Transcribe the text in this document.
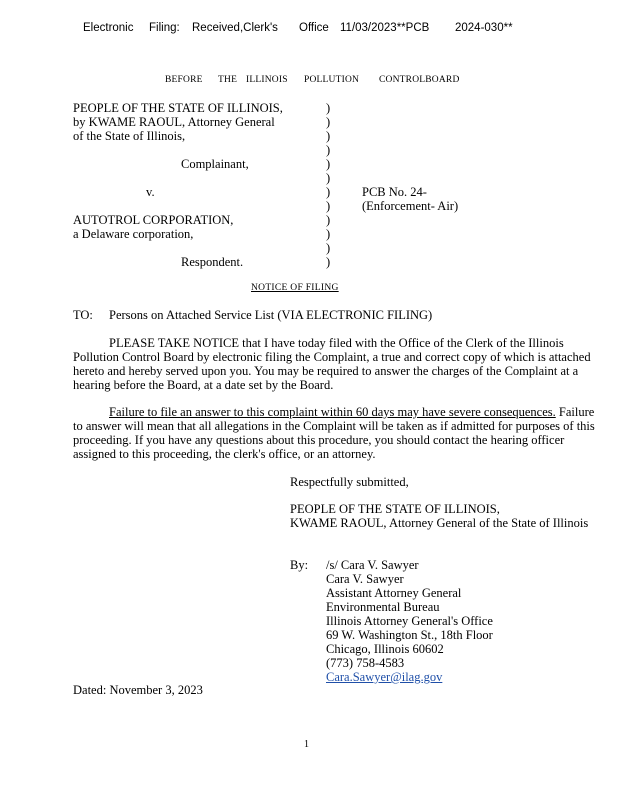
Electronic Filing: Received,Clerk's Office 11/03/2023**PCB 2024-030**
BEFORE THE ILLINOIS POLLUTION CONTROLBOARD
PEOPLE OF THE STATE OF ILLINOIS,
by KWAME RAOUL, Attorney General
of the State of Illinois,
Complainant,
v.
AUTOTROL CORPORATION,
a Delaware corporation,
Respondent.
)
)
)
)
)
)
)
)
)
)
)
)
PCB No. 24-
(Enforcement- Air)
NOTICE OF FILING
TO: Persons on Attached Service List (VIA ELECTRONIC FILING)
PLEASE TAKE NOTICE that I have today filed with the Office of the Clerk of the Illinois Pollution Control Board by electronic filing the Complaint, a true and correct copy of which is attached hereto and hereby served upon you. You may be required to answer the charges of the Complaint at a hearing before the Board, at a date set by the Board.
Failure to file an answer to this complaint within 60 days may have severe consequences. Failure to answer will mean that all allegations in the Complaint will be taken as if admitted for purposes of this proceeding. If you have any questions about this procedure, you should contact the hearing officer assigned to this proceeding, the clerk's office, or an attorney.
Respectfully submitted,
PEOPLE OF THE STATE OF ILLINOIS,
KWAME RAOUL, Attorney General of the State of Illinois
By: /s/ Cara V. Sawyer
Cara V. Sawyer
Assistant Attorney General
Environmental Bureau
Illinois Attorney General's Office
69 W. Washington St., 18th Floor
Chicago, Illinois 60602
(773) 758-4583
Cara.Sawyer@ilag.gov
Dated: November 3, 2023
1
